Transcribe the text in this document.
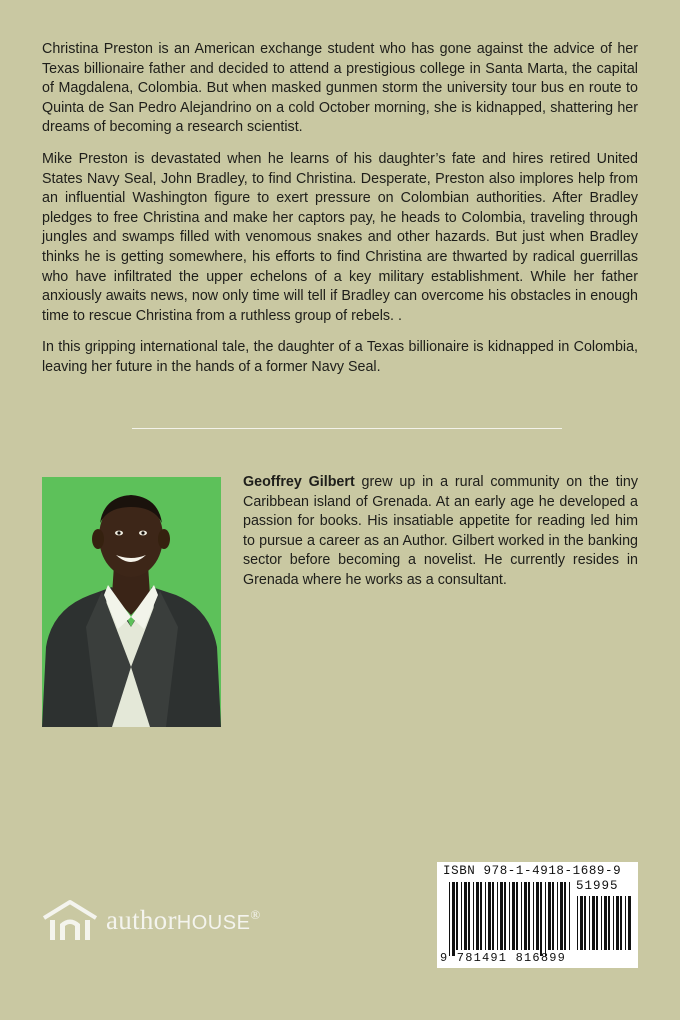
Christina Preston is an American exchange student who has gone against the advice of her Texas billionaire father and decided to attend a prestigious college in Santa Marta, the capital of Magdalena, Colombia. But when masked gunmen storm the university tour bus en route to Quinta de San Pedro Alejandrino on a cold October morning, she is kidnapped, shattering her dreams of becoming a research scientist.

Mike Preston is devastated when he learns of his daughter’s fate and hires retired United States Navy Seal, John Bradley, to find Christina. Desperate, Preston also implores help from an influential Washington figure to exert pressure on Colombian authorities. After Bradley pledges to free Christina and make her captors pay, he heads to Colombia, traveling through jungles and swamps filled with venomous snakes and other hazards. But just when Bradley thinks he is getting somewhere, his efforts to find Christina are thwarted by radical guerrillas who have infiltrated the upper echelons of a key military establishment. While her father anxiously awaits news, now only time will tell if Bradley can overcome his obstacles in enough time to rescue Christina from a ruthless group of rebels. .

In this gripping international tale, the daughter of a Texas billionaire is kidnapped in Colombia, leaving her future in the hands of a former Navy Seal.

Geoffrey Gilbert grew up in a rural community on the tiny Caribbean island of Grenada. At an early age he developed a passion for books. His insatiable appetite for reading led him to pursue a career as an Author. Gilbert worked in the banking sector before becoming a novelist. He currently resides in Grenada where he works as a consultant.
authorHOUSE®
ISBN 978-1-4918-1689-9
51995
9 781491 816899
